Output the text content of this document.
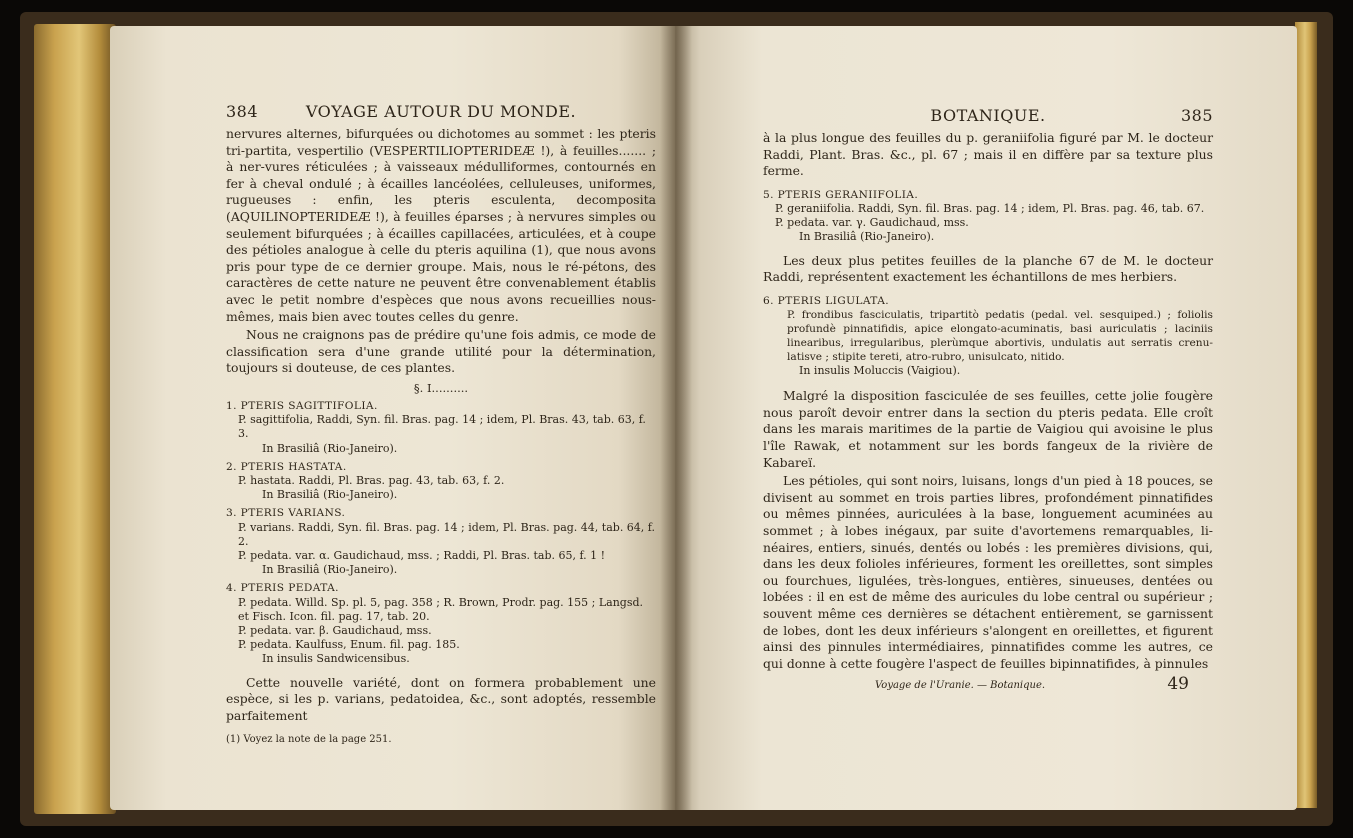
384	VOYAGE AUTOUR DU MONDE.

nervures alternes, bifurquées ou dichotomes au sommet : les pteris tri-partita, vespertilio (VESPERTILIOPTERIDEÆ !), à feuilles....... ; à ner-vures réticulées ; à vaisseaux médulliformes, contournés en fer à cheval ondulé ; à écailles lancéolées, celluleuses, uniformes, rugueuses : enfin, les pteris esculenta, decomposita (AQUILINOPTERIDEÆ !), à feuilles éparses ; à nervures simples ou seulement bifurquées ; à écailles capillacées, articulées, et à coupe des pétioles analogue à celle du pteris aquilina (1), que nous avons pris pour type de ce dernier groupe. Mais, nous le ré-pétons, des caractères de cette nature ne peuvent être convenablement établis avec le petit nombre d'espèces que nous avons recueillies nous-mêmes, mais bien avec toutes celles du genre.

Nous ne craignons pas de prédire qu'une fois admis, ce mode de classification sera d'une grande utilité pour la détermination, toujours si douteuse, de ces plantes.

§. I..........
1. PTERIS SAGITTIFOLIA.
P. sagittifolia, Raddi, Syn. fil. Bras. pag. 14 ; idem, Pl. Bras. 43, tab. 63, f. 3.
In Brasiliâ (Rio-Janeiro).
2. PTERIS HASTATA.
P. hastata. Raddi, Pl. Bras. pag. 43, tab. 63, f. 2.
In Brasiliâ (Rio-Janeiro).
3. PTERIS VARIANS.
P. varians. Raddi, Syn. fil. Bras. pag. 14 ; idem, Pl. Bras. pag. 44, tab. 64, f. 2.
P. pedata. var. α. Gaudichaud, mss. ; Raddi, Pl. Bras. tab. 65, f. 1 !
In Brasiliâ (Rio-Janeiro).
4. PTERIS PEDATA.
P. pedata. Willd. Sp. pl. 5, pag. 358 ; R. Brown, Prodr. pag. 155 ; Langsd. et Fisch. Icon. fil. pag. 17, tab. 20.
P. pedata. var. β. Gaudichaud, mss.
P. pedata. Kaulfuss, Enum. fil. pag. 185.
In insulis Sandwicensibus.

Cette nouvelle variété, dont on formera probablement une espèce, si les p. varians, pedatoidea, &c., sont adoptés, ressemble parfaitement

(1) Voyez la note de la page 251.
BOTANIQUE.	385

à la plus longue des feuilles du p. geraniifolia figuré par M. le docteur Raddi, Plant. Bras. &c., pl. 67 ; mais il en diffère par sa texture plus ferme.

5. PTERIS GERANIIFOLIA.
P. geraniifolia. Raddi, Syn. fil. Bras. pag. 14 ; idem, Pl. Bras. pag. 46, tab. 67.
P. pedata. var. γ. Gaudichaud, mss.
In Brasiliâ (Rio-Janeiro).

Les deux plus petites feuilles de la planche 67 de M. le docteur Raddi, représentent exactement les échantillons de mes herbiers.

6. PTERIS LIGULATA.
P. frondibus fasciculatis, tripartitò pedatis (pedal. vel. sesquiped.) ; foliolis profundè pinnatifidis, apice elongato-acuminatis, basi auriculatis ; laciniis linearibus, irregularibus, plerùmque abortivis, undulatis aut serratis crenu-latisve ; stipite tereti, atro-rubro, unisulcato, nitido.
In insulis Moluccis (Vaigiou).

Malgré la disposition fasciculée de ses feuilles, cette jolie fougère nous paroît devoir entrer dans la section du pteris pedata. Elle croît dans les marais maritimes de la partie de Vaigiou qui avoisine le plus l'île Rawak, et notamment sur les bords fangeux de la rivière de Kabareï.

Les pétioles, qui sont noirs, luisans, longs d'un pied à 18 pouces, se divisent au sommet en trois parties libres, profondément pinnatifides ou mêmes pinnées, auriculées à la base, longuement acuminées au sommet ; à lobes inégaux, par suite d'avortemens remarquables, li-néaires, entiers, sinués, dentés ou lobés : les premières divisions, qui, dans les deux folioles inférieures, forment les oreillettes, sont simples ou fourchues, ligulées, très-longues, entières, sinueuses, dentées ou lobées : il en est de même des auricules du lobe central ou supérieur ; souvent même ces dernières se détachent entièrement, se garnissent de lobes, dont les deux inférieurs s'alongent en oreillettes, et figurent ainsi des pinnules intermédiaires, pinnatifides comme les autres, ce qui donne à cette fougère l'aspect de feuilles bipinnatifides, à pinnules

Voyage de l'Uranie. — Botanique.	49
